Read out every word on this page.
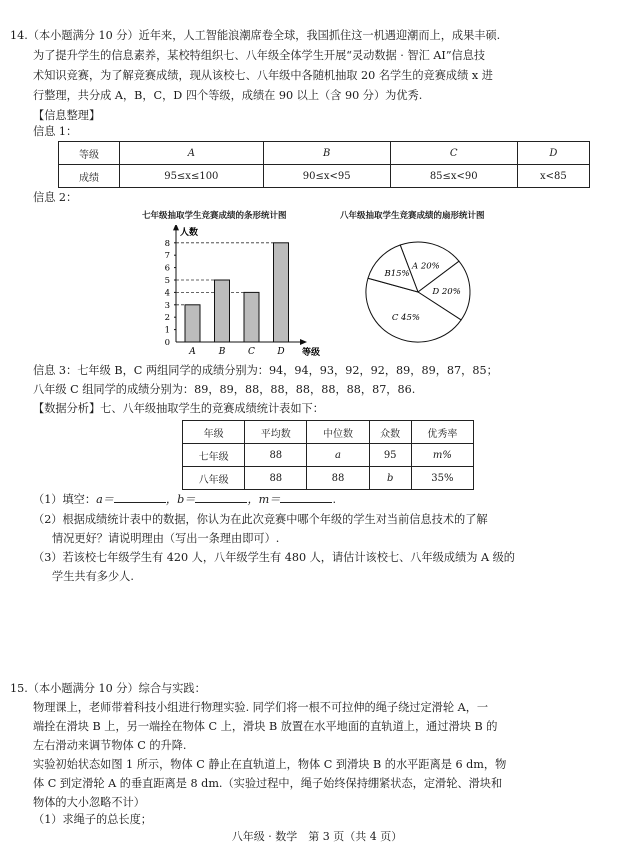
14.（本小题满分 10 分）近年来，人工智能浪潮席卷全球，我国抓住这一机遇迎潮而上，成果丰硕.
为了提升学生的信息素养，某校特组织七、八年级全体学生开展“灵动数据 · 智汇 AI”信息技
术知识竞赛，为了解竞赛成绩，现从该校七、八年级中各随机抽取 20 名学生的竞赛成绩 x 进
行整理，共分成 A，B，C，D 四个等级，成绩在 90 以上（含 90 分）为优秀.
【信息整理】
信息 1：
等级	A	B	C	D
成绩	95≤x≤100	90≤x<95	85≤x<90	x<85
信息 2：
七年级抽取学生竞赛成绩的条形统计图	八年级抽取学生竞赛成绩的扇形统计图
0
1
2
3
4
5
6
7
8
A	B	C D
人数
等级
A 20%
D 20%
C 45%
B15%
信息 3：七年级 B，C 两组同学的成绩分别为：94，94，93，92，92，89，89，87，85；
八年级 C 组同学的成绩分别为：89，89，88，88，88，88，88，87，86.
【数据分析】七、八年级抽取学生的竞赛成绩统计表如下：
年级	平均数	中位数	众数	优秀率
七年级	88	a	95	m%
八年级	88	88	b	35%
（1）填空：a＝	，b＝	，m＝	.
（2）根据成绩统计表中的数据，你认为在此次竞赛中哪个年级的学生对当前信息技术的了解
情况更好？请说明理由（写出一条理由即可）.
（3）若该校七年级学生有 420 人，八年级学生有 480 人，请估计该校七、八年级成绩为 A 级的
学生共有多少人.
15.（本小题满分 10 分）综合与实践：
物理课上，老师带着科技小组进行物理实验. 同学们将一根不可拉伸的绳子绕过定滑轮 A，一
端拴在滑块 B 上，另一端拴在物体 C 上，滑块 B 放置在水平地面的直轨道上，通过滑块 B 的
左右滑动来调节物体 C 的升降.
实验初始状态如图 1 所示，物体 C 静止在直轨道上，物体 C 到滑块 B 的水平距离是 6 dm，物
体 C 到定滑轮 A 的垂直距离是 8 dm.（实验过程中，绳子始终保持绷紧状态，定滑轮、滑块和
物体的大小忽略不计）
（1）求绳子的总长度；
八年级 · 数学　第 3 页（共 4 页）
